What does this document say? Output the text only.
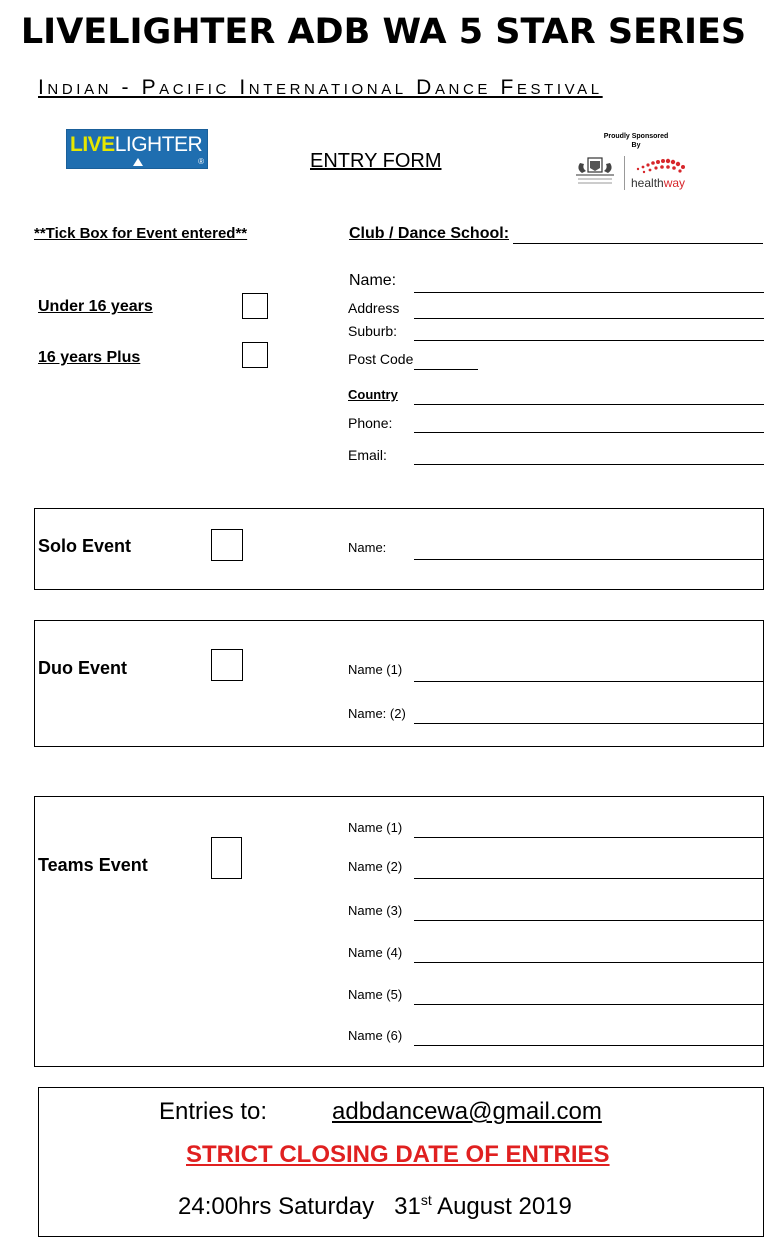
LIVELIGHTER ADB WA 5 STAR SERIES
Indian - Pacific International Dance Festival
LIVELIGHTER
®	ENTRY FORM
Proudly Sponsored
By
healthway
**Tick Box for Event entered**
Under 16 years
16 years Plus
Club / Dance School:
Name:
Address
Suburb:
Post Code
Country
Phone:
Email:
Solo Event	Name:
Duo Event	Name (1)
Name: (2)
Teams Event
Name (1)
Name (2)
Name (3)
Name (4)
Name (5)
Name (6)
Entries to:	adbdancewa@gmail.com
STRICT CLOSING DATE OF ENTRIES
24:00hrs Saturday 31st August 2019
